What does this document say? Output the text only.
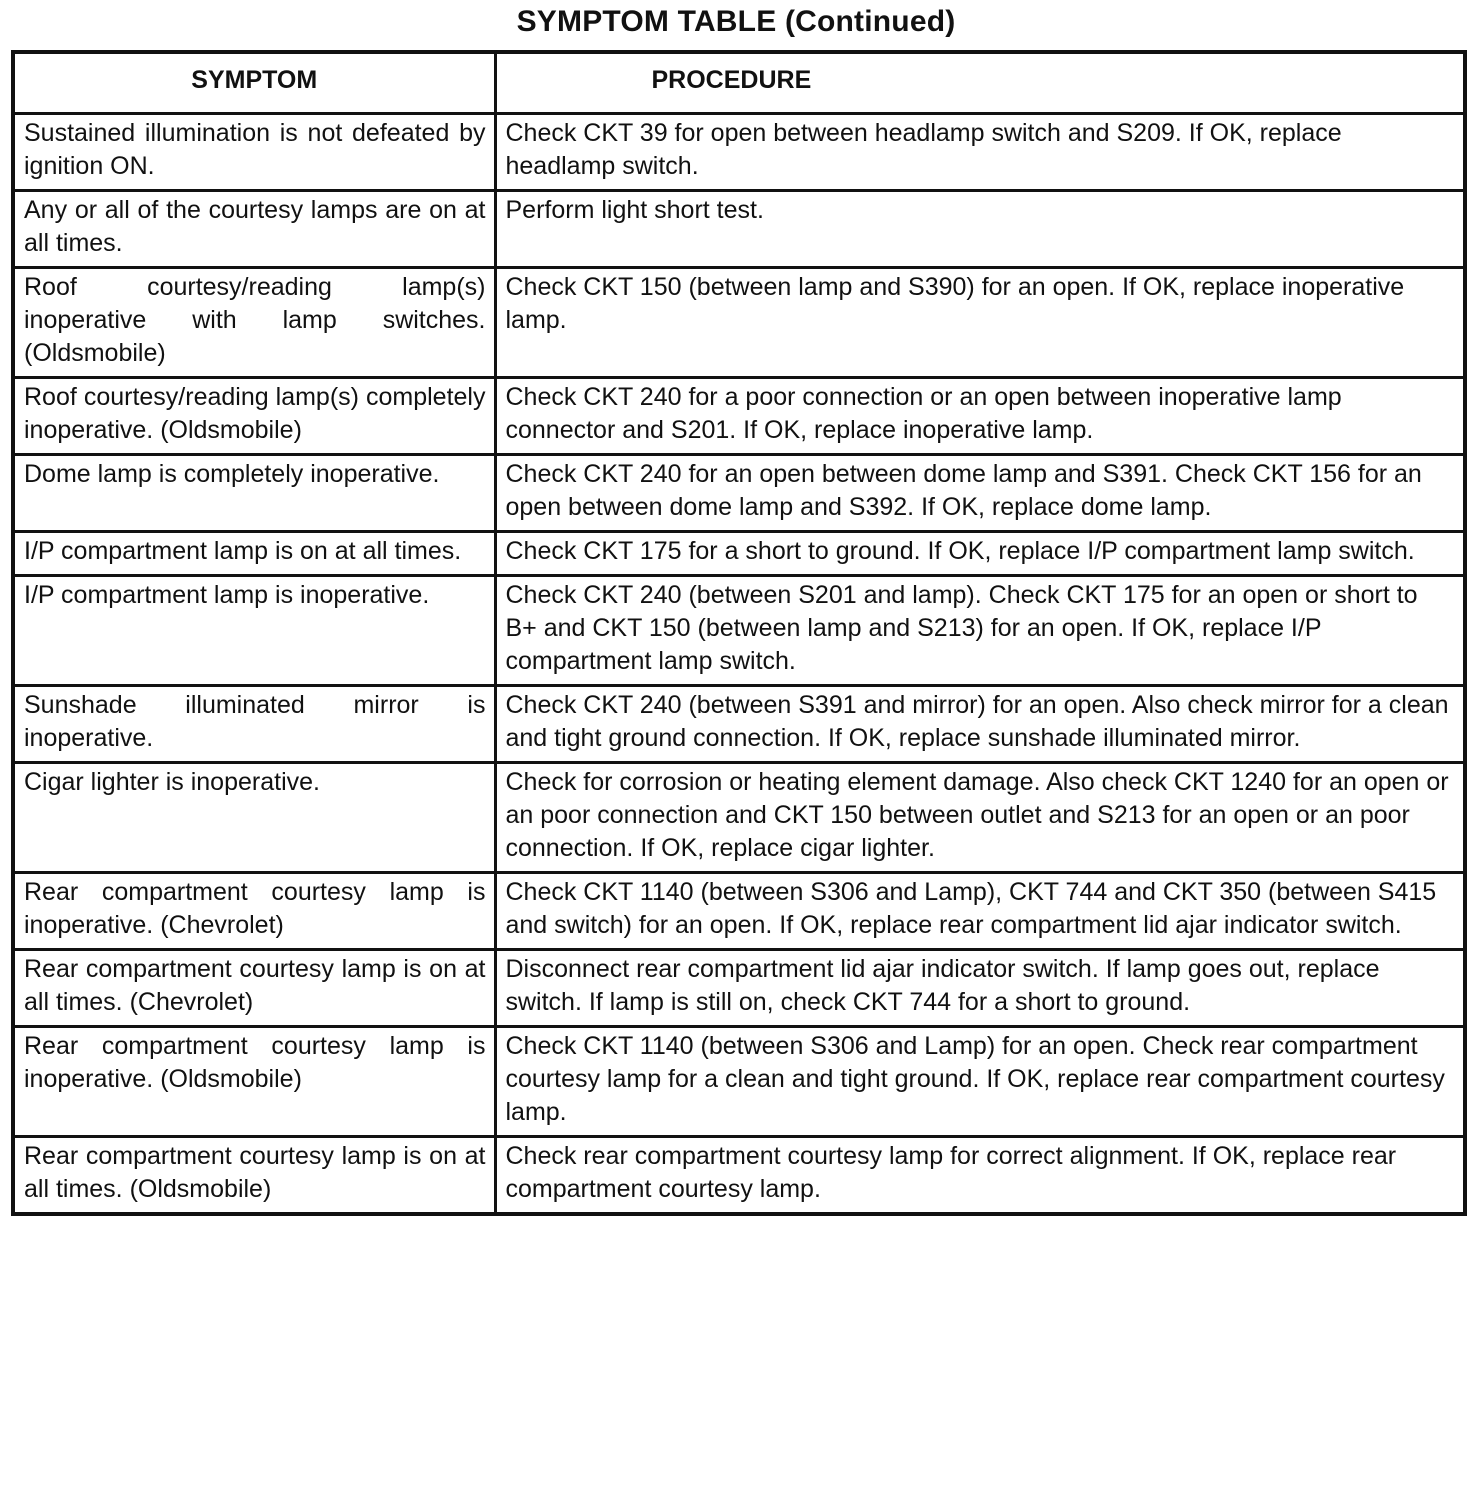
SYMPTOM TABLE (Continued)
SYMPTOM	PROCEDURE
Sustained illumination is not defeated by ignition ON.	Check CKT 39 for open between headlamp switch and S209. If OK, replace headlamp switch.
Any or all of the courtesy lamps are on at all times.	Perform light short test.
Roof courtesy/reading lamp(s) inoperative with lamp switches. (Oldsmobile)	Check CKT 150 (between lamp and S390) for an open. If OK, replace inoperative lamp.
Roof courtesy/reading lamp(s) completely inoperative. (Oldsmobile)	Check CKT 240 for a poor connection or an open between inoperative lamp connector and S201. If OK, replace inoperative lamp.
Dome lamp is completely inoperative.	Check CKT 240 for an open between dome lamp and S391. Check CKT 156 for an open between dome lamp and S392. If OK, replace dome lamp.
I/P compartment lamp is on at all times.	Check CKT 175 for a short to ground. If OK, replace I/P compartment lamp switch.
I/P compartment lamp is inoperative.	Check CKT 240 (between S201 and lamp). Check CKT 175 for an open or short to B+ and CKT 150 (between lamp and S213) for an open. If OK, replace I/P compartment lamp switch.
Sunshade illuminated mirror is inoperative.	Check CKT 240 (between S391 and mirror) for an open. Also check mirror for a clean and tight ground connection. If OK, replace sunshade illuminated mirror.
Cigar lighter is inoperative.	Check for corrosion or heating element damage. Also check CKT 1240 for an open or an poor connection and CKT 150 between outlet and S213 for an open or an poor connection. If OK, replace cigar lighter.
Rear compartment courtesy lamp is inoperative. (Chevrolet)	Check CKT 1140 (between S306 and Lamp), CKT 744 and CKT 350 (between S415 and switch) for an open. If OK, replace rear compartment lid ajar indicator switch.
Rear compartment courtesy lamp is on at all times. (Chevrolet)	Disconnect rear compartment lid ajar indicator switch. If lamp goes out, replace switch. If lamp is still on, check CKT 744 for a short to ground.
Rear compartment courtesy lamp is inoperative. (Oldsmobile)	Check CKT 1140 (between S306 and Lamp) for an open. Check rear compartment courtesy lamp for a clean and tight ground. If OK, replace rear compartment courtesy lamp.
Rear compartment courtesy lamp is on at all times. (Oldsmobile)	Check rear compartment courtesy lamp for correct alignment. If OK, replace rear compartment courtesy lamp.
